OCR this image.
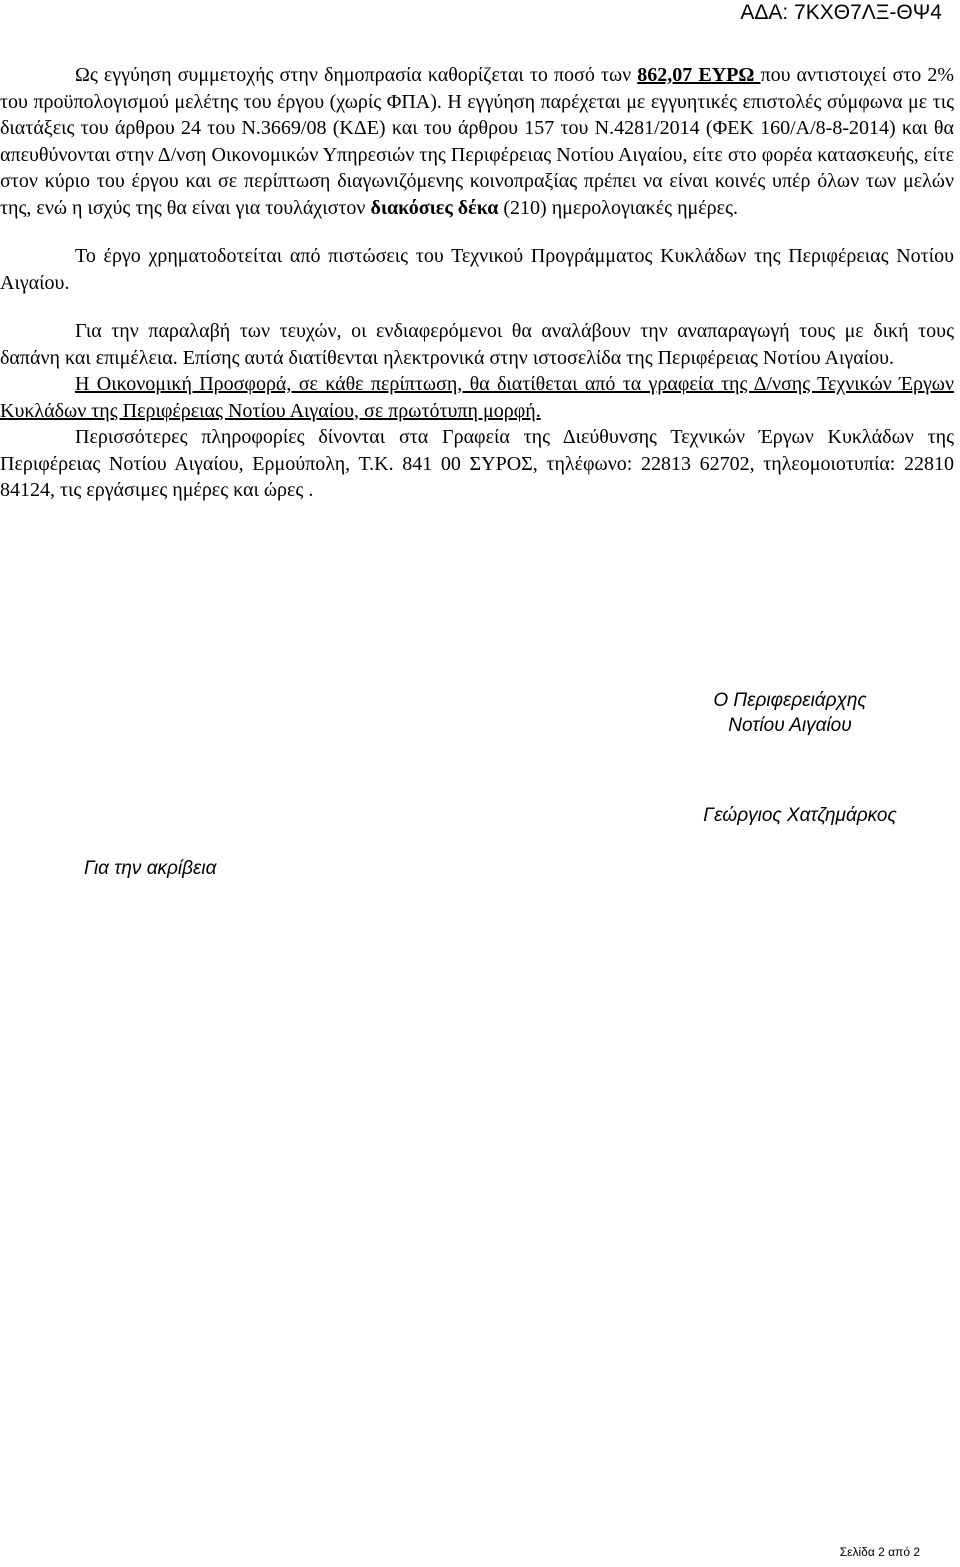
ΑΔΑ: 7ΚΧΘ7ΛΞ-ΘΨ4

Ως εγγύηση συμμετοχής στην δημοπρασία καθορίζεται το ποσό των 862,07 ΕΥΡΩ που αντιστοιχεί στο 2% του προϋπολογισμού μελέτης του έργου (χωρίς ΦΠΑ). Η εγγύηση παρέχεται με εγγυητικές επιστολές σύμφωνα με τις διατάξεις του άρθρου 24 του Ν.3669/08 (ΚΔΕ) και του άρθρου 157 του Ν.4281/2014 (ΦΕΚ 160/Α/8-8-2014) και θα απευθύνονται στην Δ/νση Οικονομικών Υπηρεσιών της Περιφέρειας Νοτίου Αιγαίου, είτε στο φορέα κατασκευής, είτε στον κύριο του έργου και σε περίπτωση διαγωνιζόμενης κοινοπραξίας πρέπει να είναι κοινές υπέρ όλων των μελών της, ενώ η ισχύς της θα είναι για τουλάχιστον διακόσιες δέκα (210) ημερολογιακές ημέρες.

Το έργο χρηματοδοτείται από πιστώσεις του Τεχνικού Προγράμματος Κυκλάδων της Περιφέρειας Νοτίου Αιγαίου.

Για την παραλαβή των τευχών, οι ενδιαφερόμενοι θα αναλάβουν την αναπαραγωγή τους με δική τους δαπάνη και επιμέλεια. Επίσης αυτά διατίθενται ηλεκτρονικά στην ιστοσελίδα της Περιφέρειας Νοτίου Αιγαίου.

Η Οικονομική Προσφορά, σε κάθε περίπτωση, θα διατίθεται από τα γραφεία της Δ/νσης Τεχνικών Έργων Κυκλάδων της Περιφέρειας Νοτίου Αιγαίου, σε πρωτότυπη μορφή.

Περισσότερες πληροφορίες δίνονται στα Γραφεία της Διεύθυνσης Τεχνικών Έργων Κυκλάδων της Περιφέρειας Νοτίου Αιγαίου, Ερμούπολη, Τ.Κ. 841 00 ΣΥΡΟΣ, τηλέφωνο: 22813 62702, τηλεομοιοτυπία: 22810 84124, τις εργάσιμες ημέρες και ώρες .

Ο Περιφερειάρχης
Νοτίου Αιγαίου
Γεώργιος Χατζημάρκος
Για την ακρίβεια
Σελίδα 2 από 2
